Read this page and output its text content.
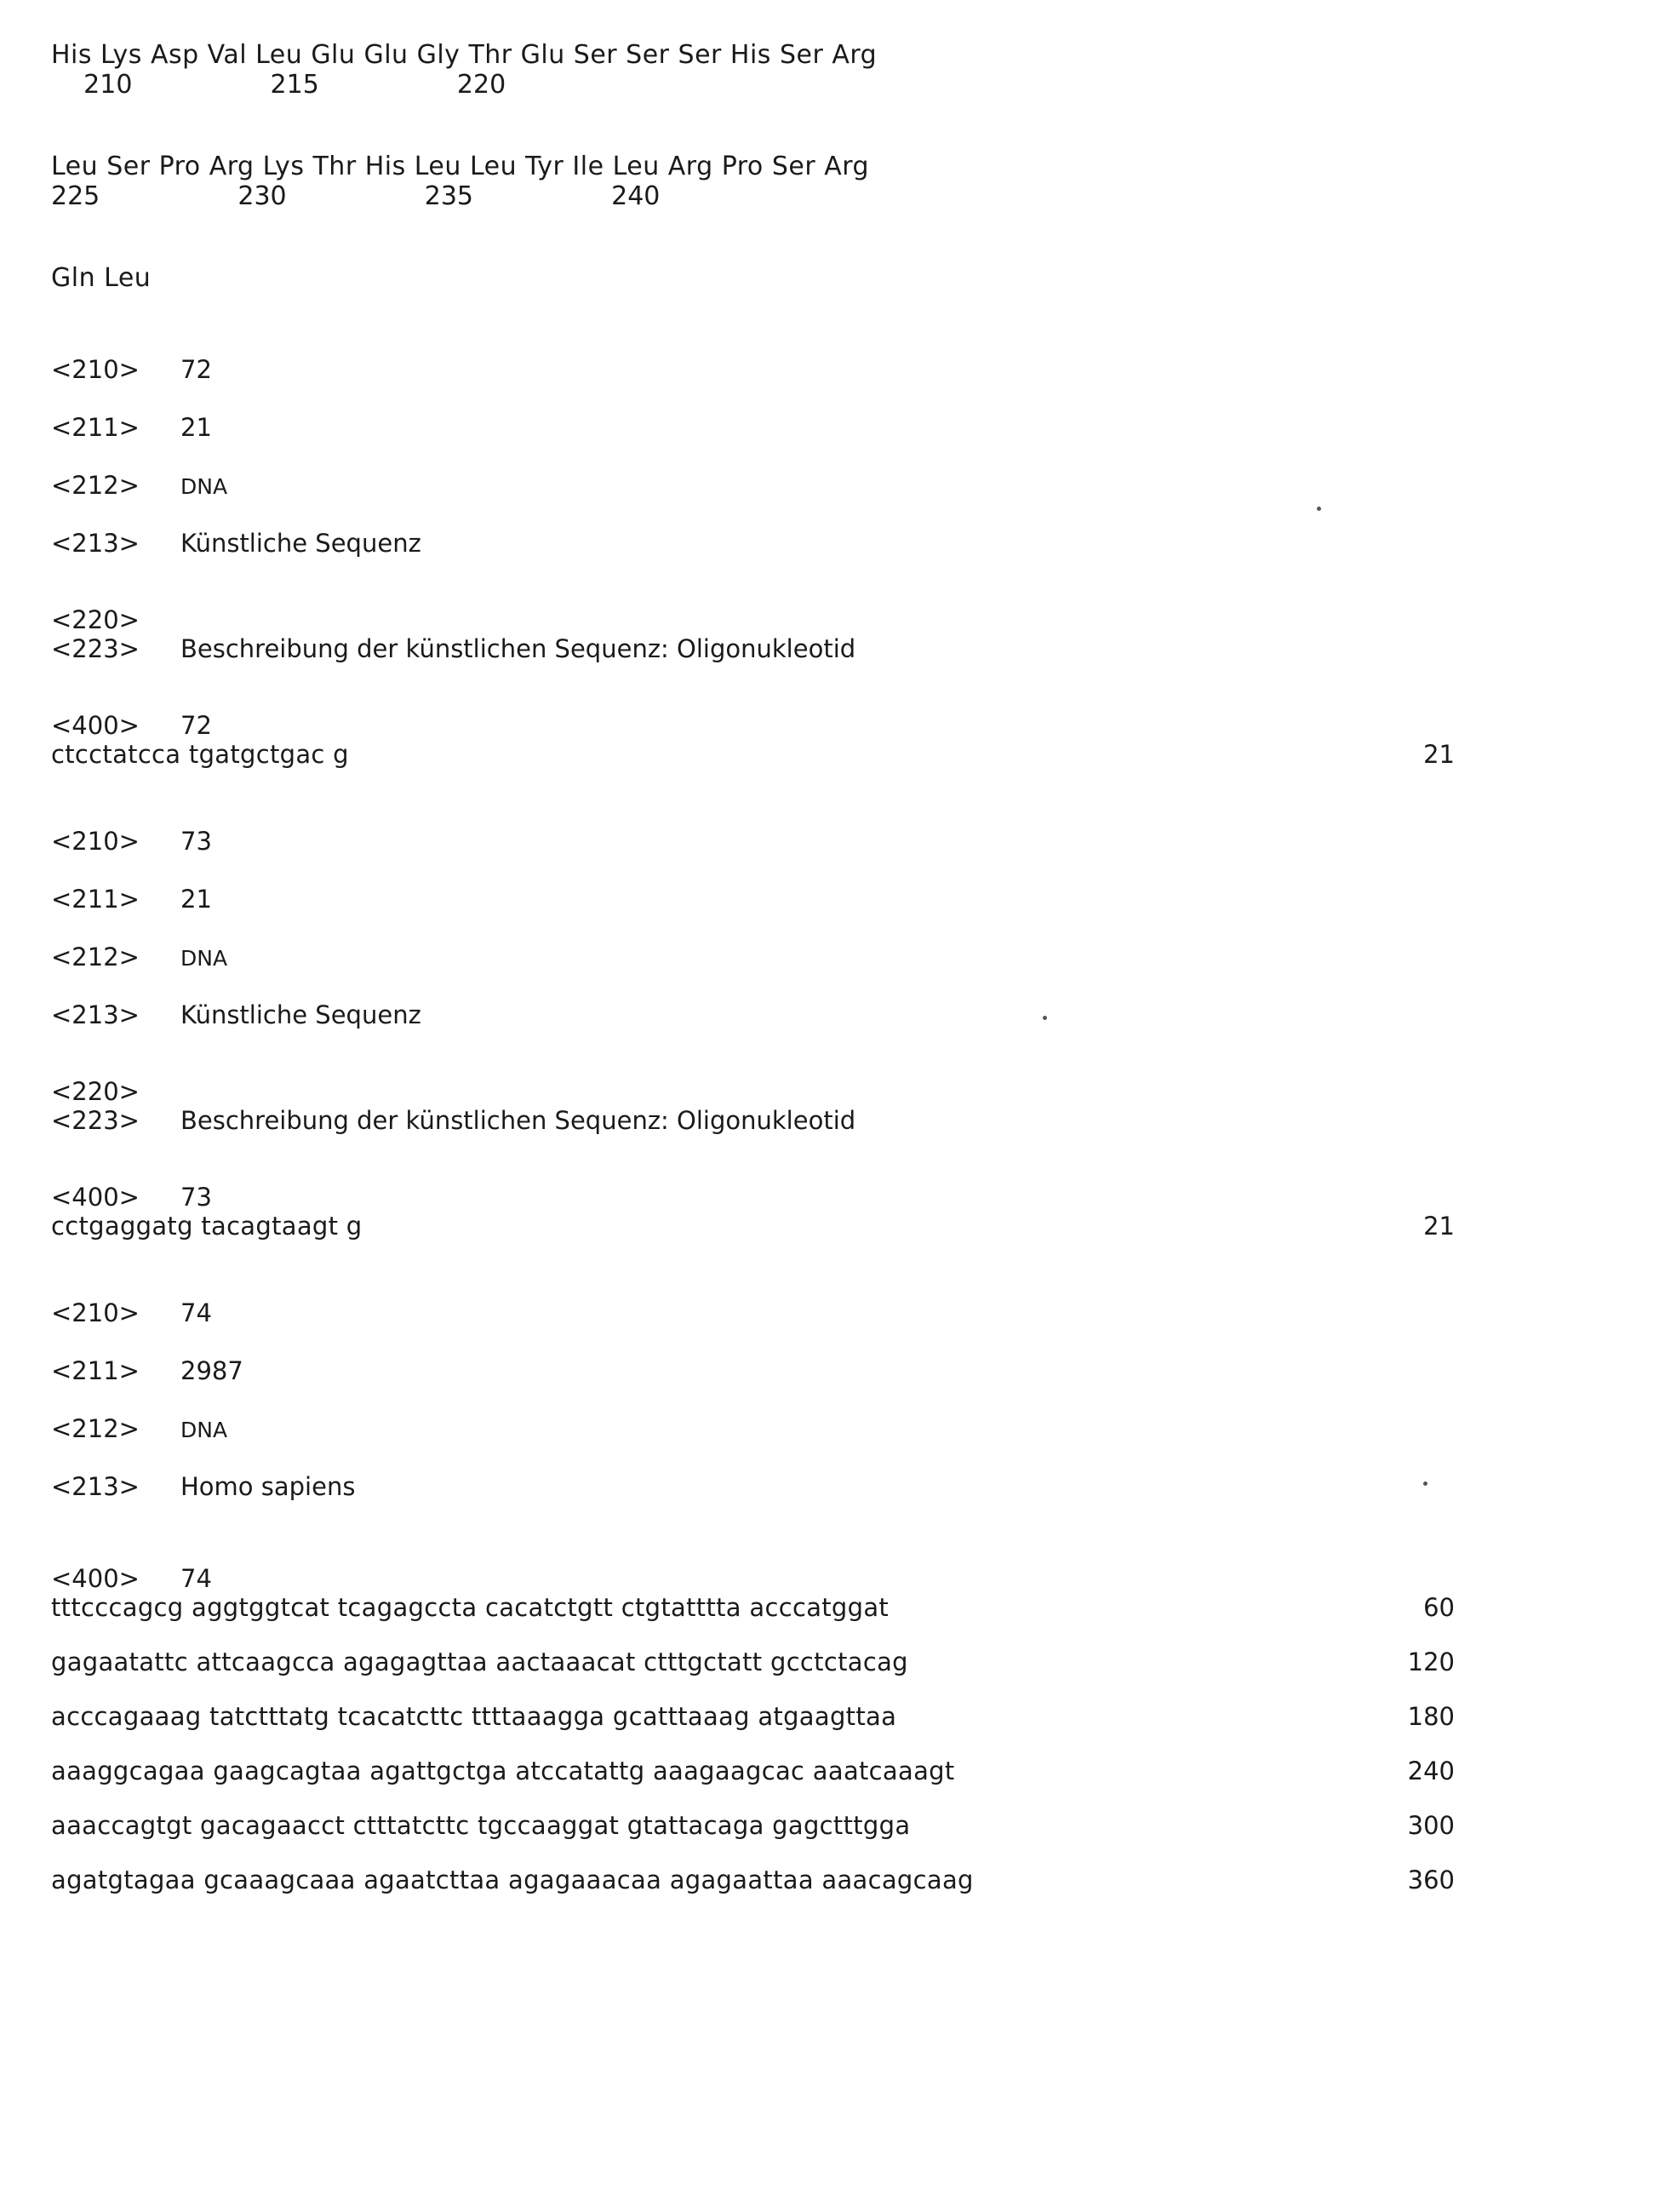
His Lys Asp Val Leu Glu Glu Gly Thr Glu Ser Ser Ser His Ser Arg
210                 215                 220
Leu Ser Pro Arg Lys Thr His Leu Leu Tyr Ile Leu Arg Pro Ser Arg
225                 230                 235                 240
Gln Leu
<210>	72
<211>	21
<212>	DNA
<213>	Künstliche Sequenz
<220>
<223>	Beschreibung der künstlichen Sequenz: Oligonukleotid
<400>	72
ctcctatcca tgatgctgac g	21
<210>	73
<211>	21
<212>	DNA
<213>	Künstliche Sequenz
<220>
<223>	Beschreibung der künstlichen Sequenz: Oligonukleotid
<400>	73
cctgaggatg tacagtaagt g	21
<210>	74
<211>	2987
<212>	DNA
<213>	Homo sapiens
<400>	74
tttcccagcg aggtggtcat tcagagccta cacatctgtt ctgtatttta acccatggat	60
gagaatattc attcaagcca agagagttaa aactaaacat ctttgctatt gcctctacag	120
acccagaaag tatctttatg tcacatcttc ttttaaagga gcatttaaag atgaagttaa	180
aaaggcagaa gaagcagtaa agattgctga atccatattg aaagaagcac aaatcaaagt	240
aaaccagtgt gacagaacct ctttatcttc tgccaaggat gtattacaga gagctttgga	300
agatgtagaa gcaaagcaaa agaatcttaa agagaaacaa agagaattaa aaacagcaag	360
